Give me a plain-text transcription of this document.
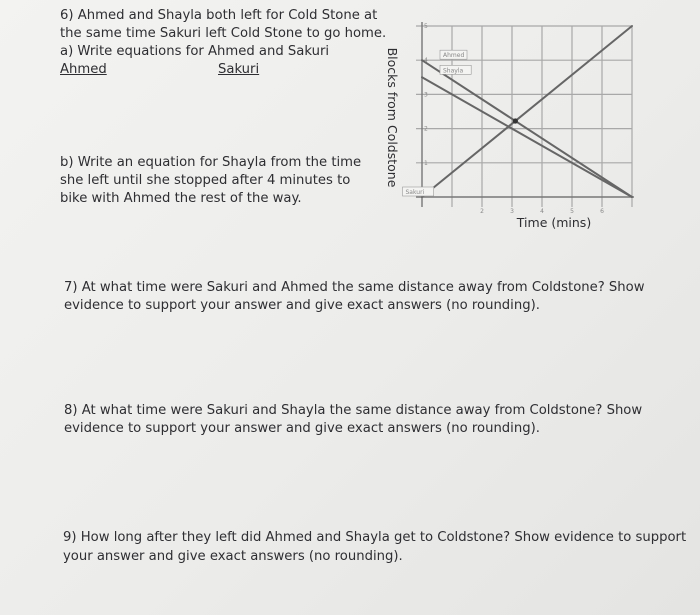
6) Ahmed and Shayla both left for Cold Stone at
the same time Sakuri left Cold Stone to go home.
a) Write equations for Ahmed and Sakuri
Ahmed	Sakuri
b) Write an equation for Shayla from the time
she left until she stopped after 4 minutes to
bike with Ahmed the rest of the way.
2	3	4	5	6
1
2
3
4
5
Ahmed
Shayla
Sakuri
Blocks from Coldstone
Time (mins)
7) At what time were Sakuri and Ahmed the same distance away from Coldstone? Show
evidence to support your answer and give exact answers (no rounding).
8) At what time were Sakuri and Shayla the same distance away from Coldstone? Show
evidence to support your answer and give exact answers (no rounding).
9) How long after they left did Ahmed and Shayla get to Coldstone? Show evidence to support
your answer and give exact answers (no rounding).
